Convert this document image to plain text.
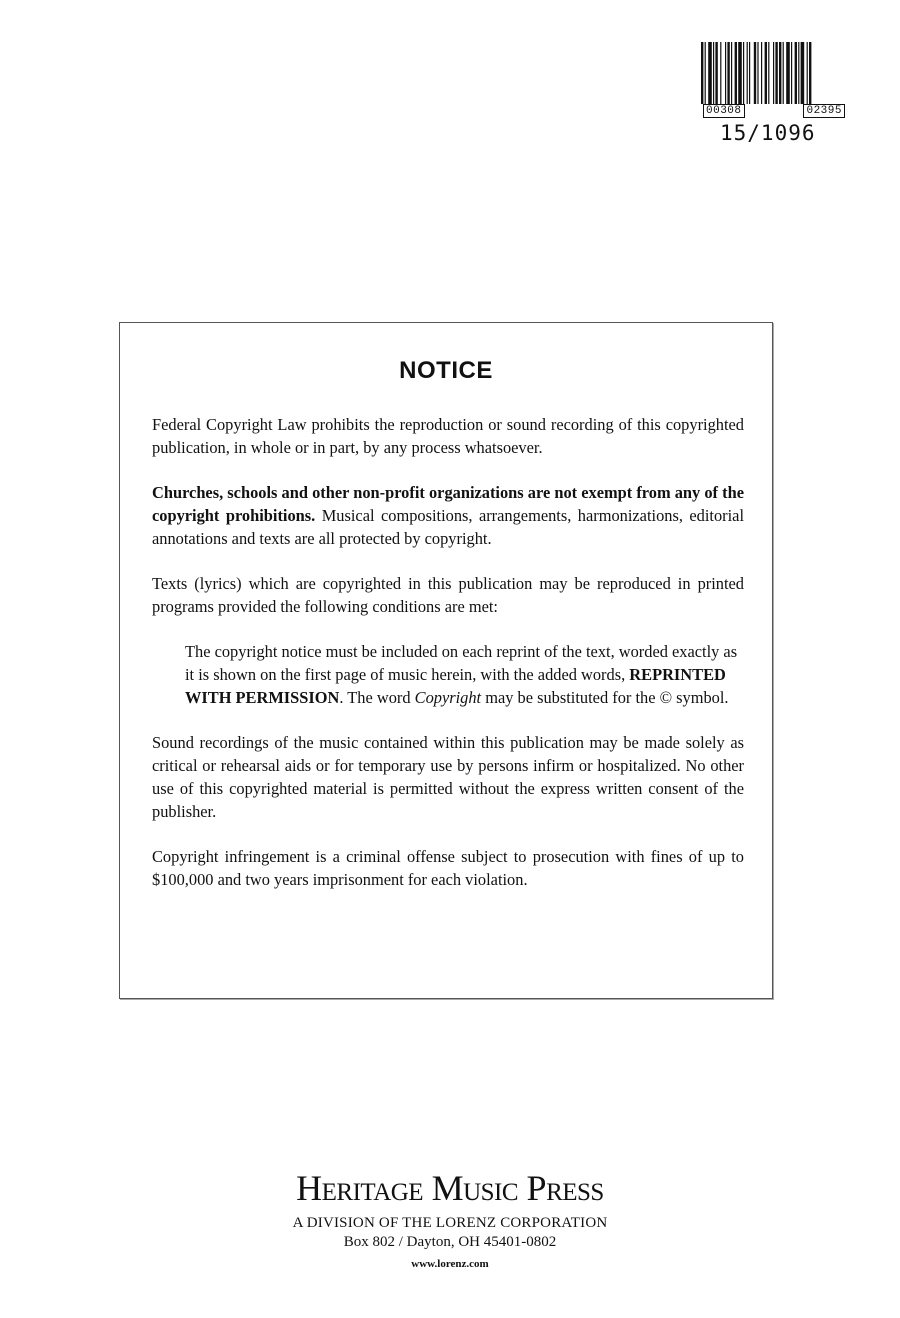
00308	02395
15/1096
NOTICE

Federal Copyright Law prohibits the reproduction or sound recording of this copyrighted publication, in whole or in part, by any process whatsoever.

Churches, schools and other non-profit organizations are not exempt from any of the copyright prohibitions. Musical compositions, arrangements, harmonizations, editorial annotations and texts are all protected by copyright.

Texts (lyrics) which are copyrighted in this publication may be reproduced in printed programs provided the following conditions are met:

The copyright notice must be included on each reprint of the text, worded exactly as it is shown on the first page of music herein, with the added words, REPRINTED WITH PERMISSION. The word Copyright may be substituted for the © symbol.

Sound recordings of the music contained within this publication may be made solely as critical or rehearsal aids or for temporary use by persons infirm or hospitalized. No other use of this copyrighted material is permitted without the express written consent of the publisher.

Copyright infringement is a criminal offense subject to prosecution with fines of up to $100,000 and two years imprisonment for each violation.

Heritage Music Press
A DIVISION OF THE LORENZ CORPORATION
Box 802 / Dayton, OH 45401-0802
www.lorenz.com
